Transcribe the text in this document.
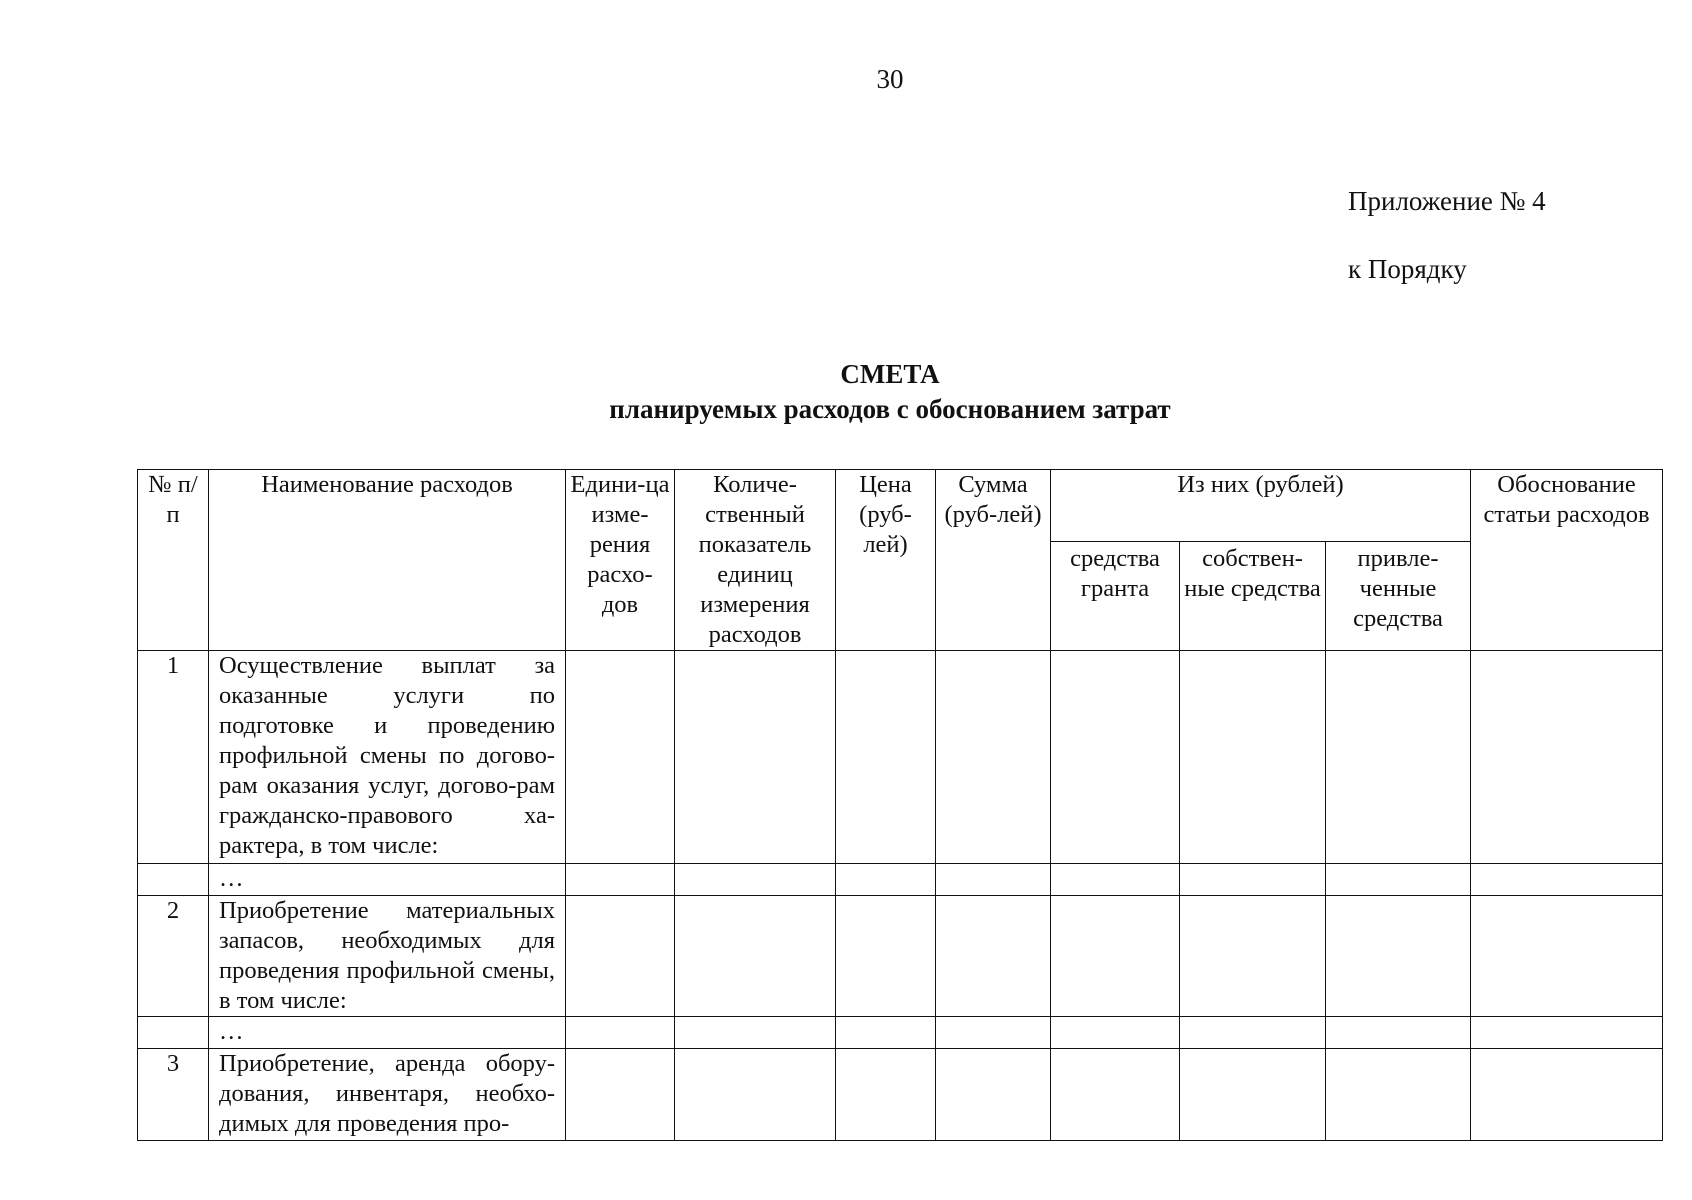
30
Приложение № 4
к Порядку
СМЕТА
планируемых расходов с обоснованием затрат
№ п/п	Наименование расходов	Едини-ца изме-рения расхо-дов	Количе-ственный показатель единиц измерения расходов	Цена (руб-лей)	Сумма (руб-лей)	Из них (рублей)			Обоснование статьи расходов
						средства гранта	собствен-ные средства	привле-ченные средства	
1	Осуществление выплат за оказанные услуги по подготовке и проведению профильной смены по догово-рам оказания услуг, догово-рам гражданско-правового ха-рактера, в том числе:								
	…								
2	Приобретение материальных запасов, необходимых для проведения профильной смены, в том числе:								
	…								
3	Приобретение, аренда обору-дования, инвентаря, необхо-димых для проведения про-								
